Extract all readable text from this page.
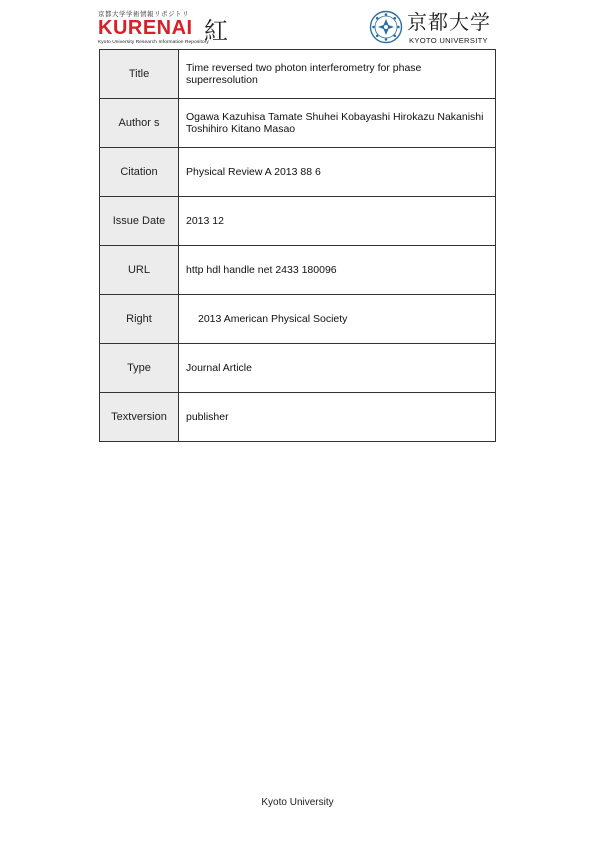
京都大学学術情報リポジトリ
KURENAI 紅
Kyoto University Research Information Repository
京都大学
KYOTO UNIVERSITY
Title	Time reversed two photon interferometry for phase superresolution
Author s	Ogawa Kazuhisa Tamate Shuhei Kobayashi Hirokazu Nakanishi Toshihiro Kitano Masao
Citation	Physical Review A 2013 88 6
Issue Date	2013 12
URL	http hdl handle net 2433 180096
Right	2013 American Physical Society
Type	Journal Article
Textversion	publisher
Kyoto University
